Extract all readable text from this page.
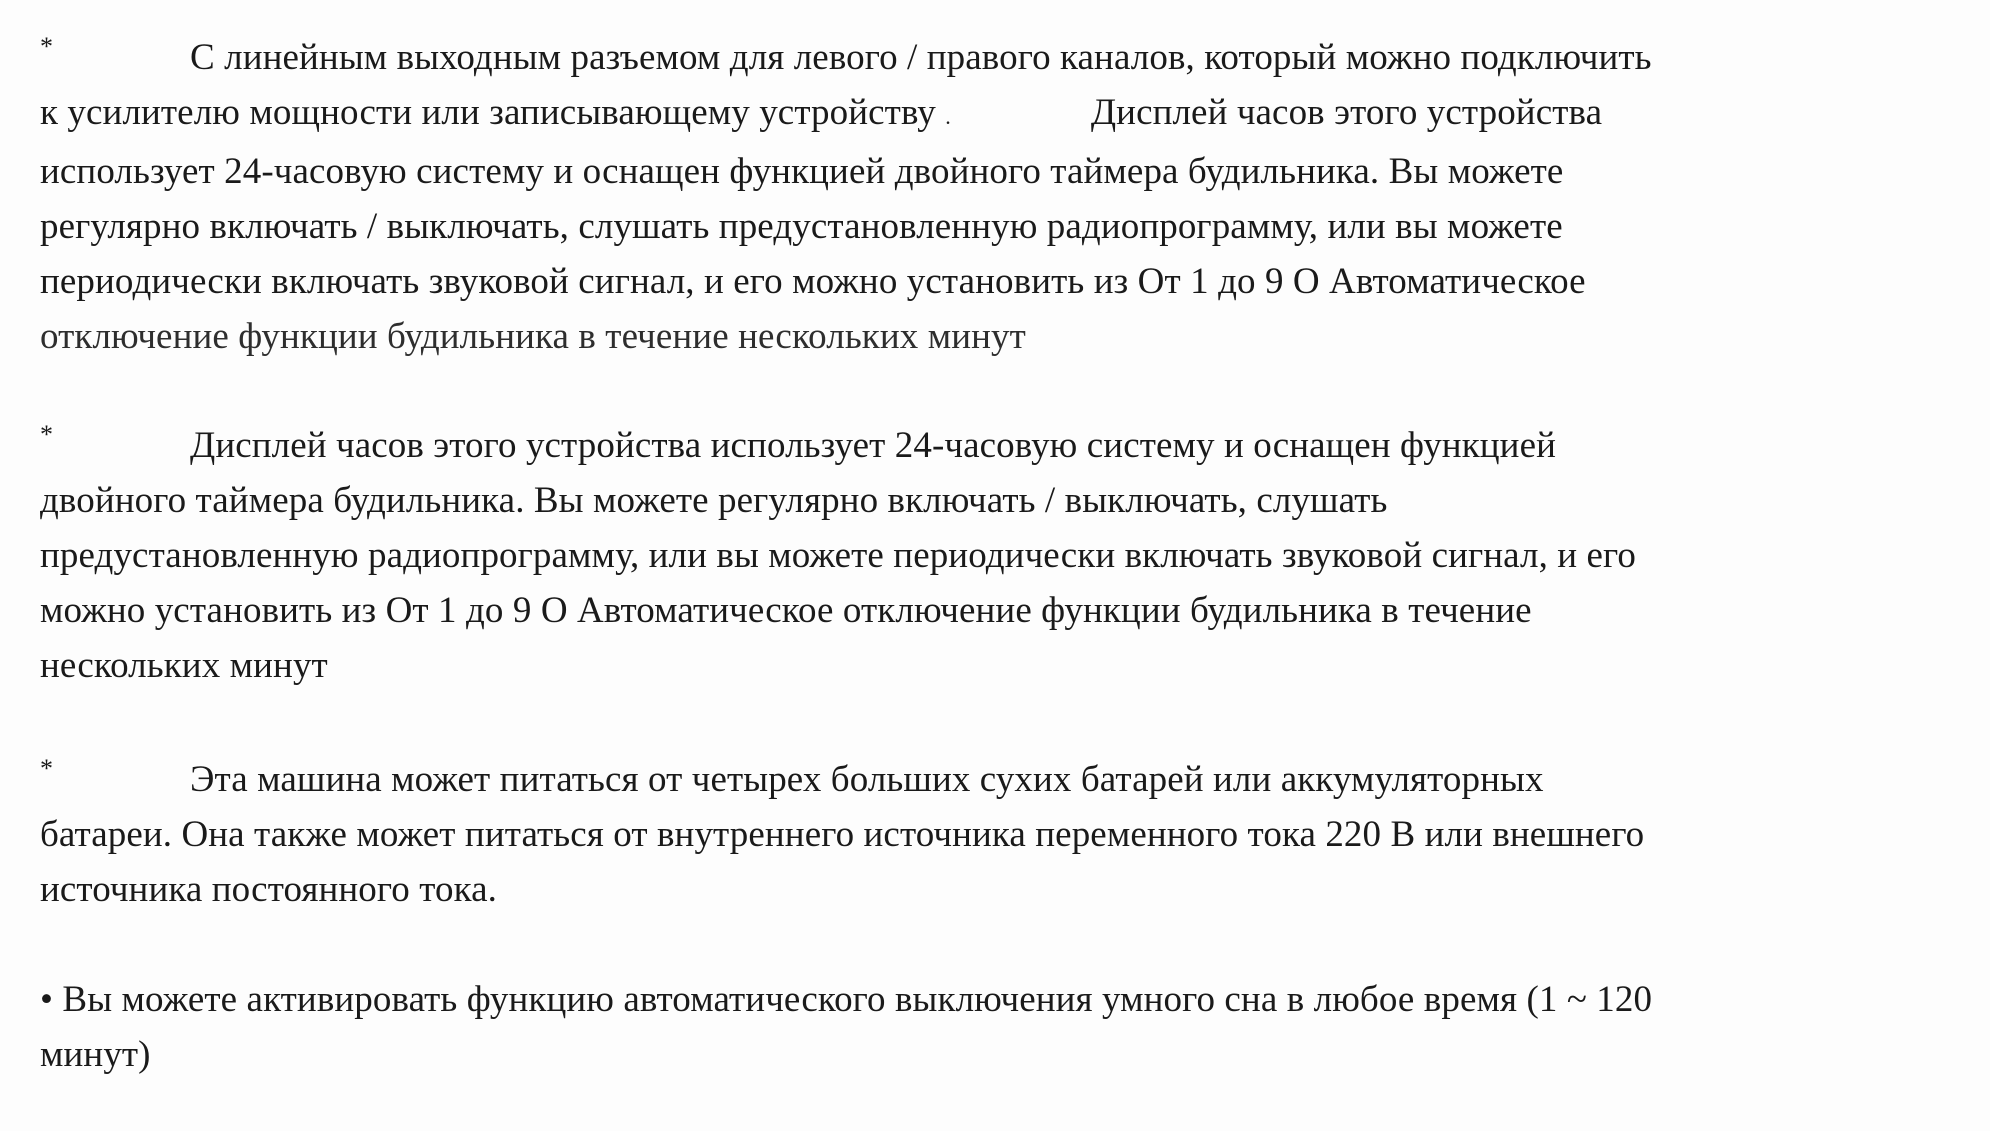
*	С линейным выходным разъемом для левого / правого каналов, который можно подключить
к усилителю мощности или записывающему устройству .	Дисплей часов этого устройства
использует 24-часовую систему и оснащен функцией двойного таймера будильника. Вы можете
регулярно включать / выключать, слушать предустановленную радиопрограмму, или вы можете
периодически включать звуковой сигнал, и его можно установить из От 1 до 9 О Автоматическое
отключение функции будильника в течение нескольких минут
*	Дисплей часов этого устройства использует 24-часовую систему и оснащен функцией
двойного таймера будильника. Вы можете регулярно включать / выключать, слушать
предустановленную радиопрограмму, или вы можете периодически включать звуковой сигнал, и его
можно установить из От 1 до 9 О Автоматическое отключение функции будильника в течение
нескольких минут
*	Эта машина может питаться от четырех больших сухих батарей или аккумуляторных
батареи. Она также может питаться от внутреннего источника переменного тока 220 В или внешнего
источника постоянного тока.
• Вы можете активировать функцию автоматического выключения умного сна в любое время (1 ~ 120
минут)
